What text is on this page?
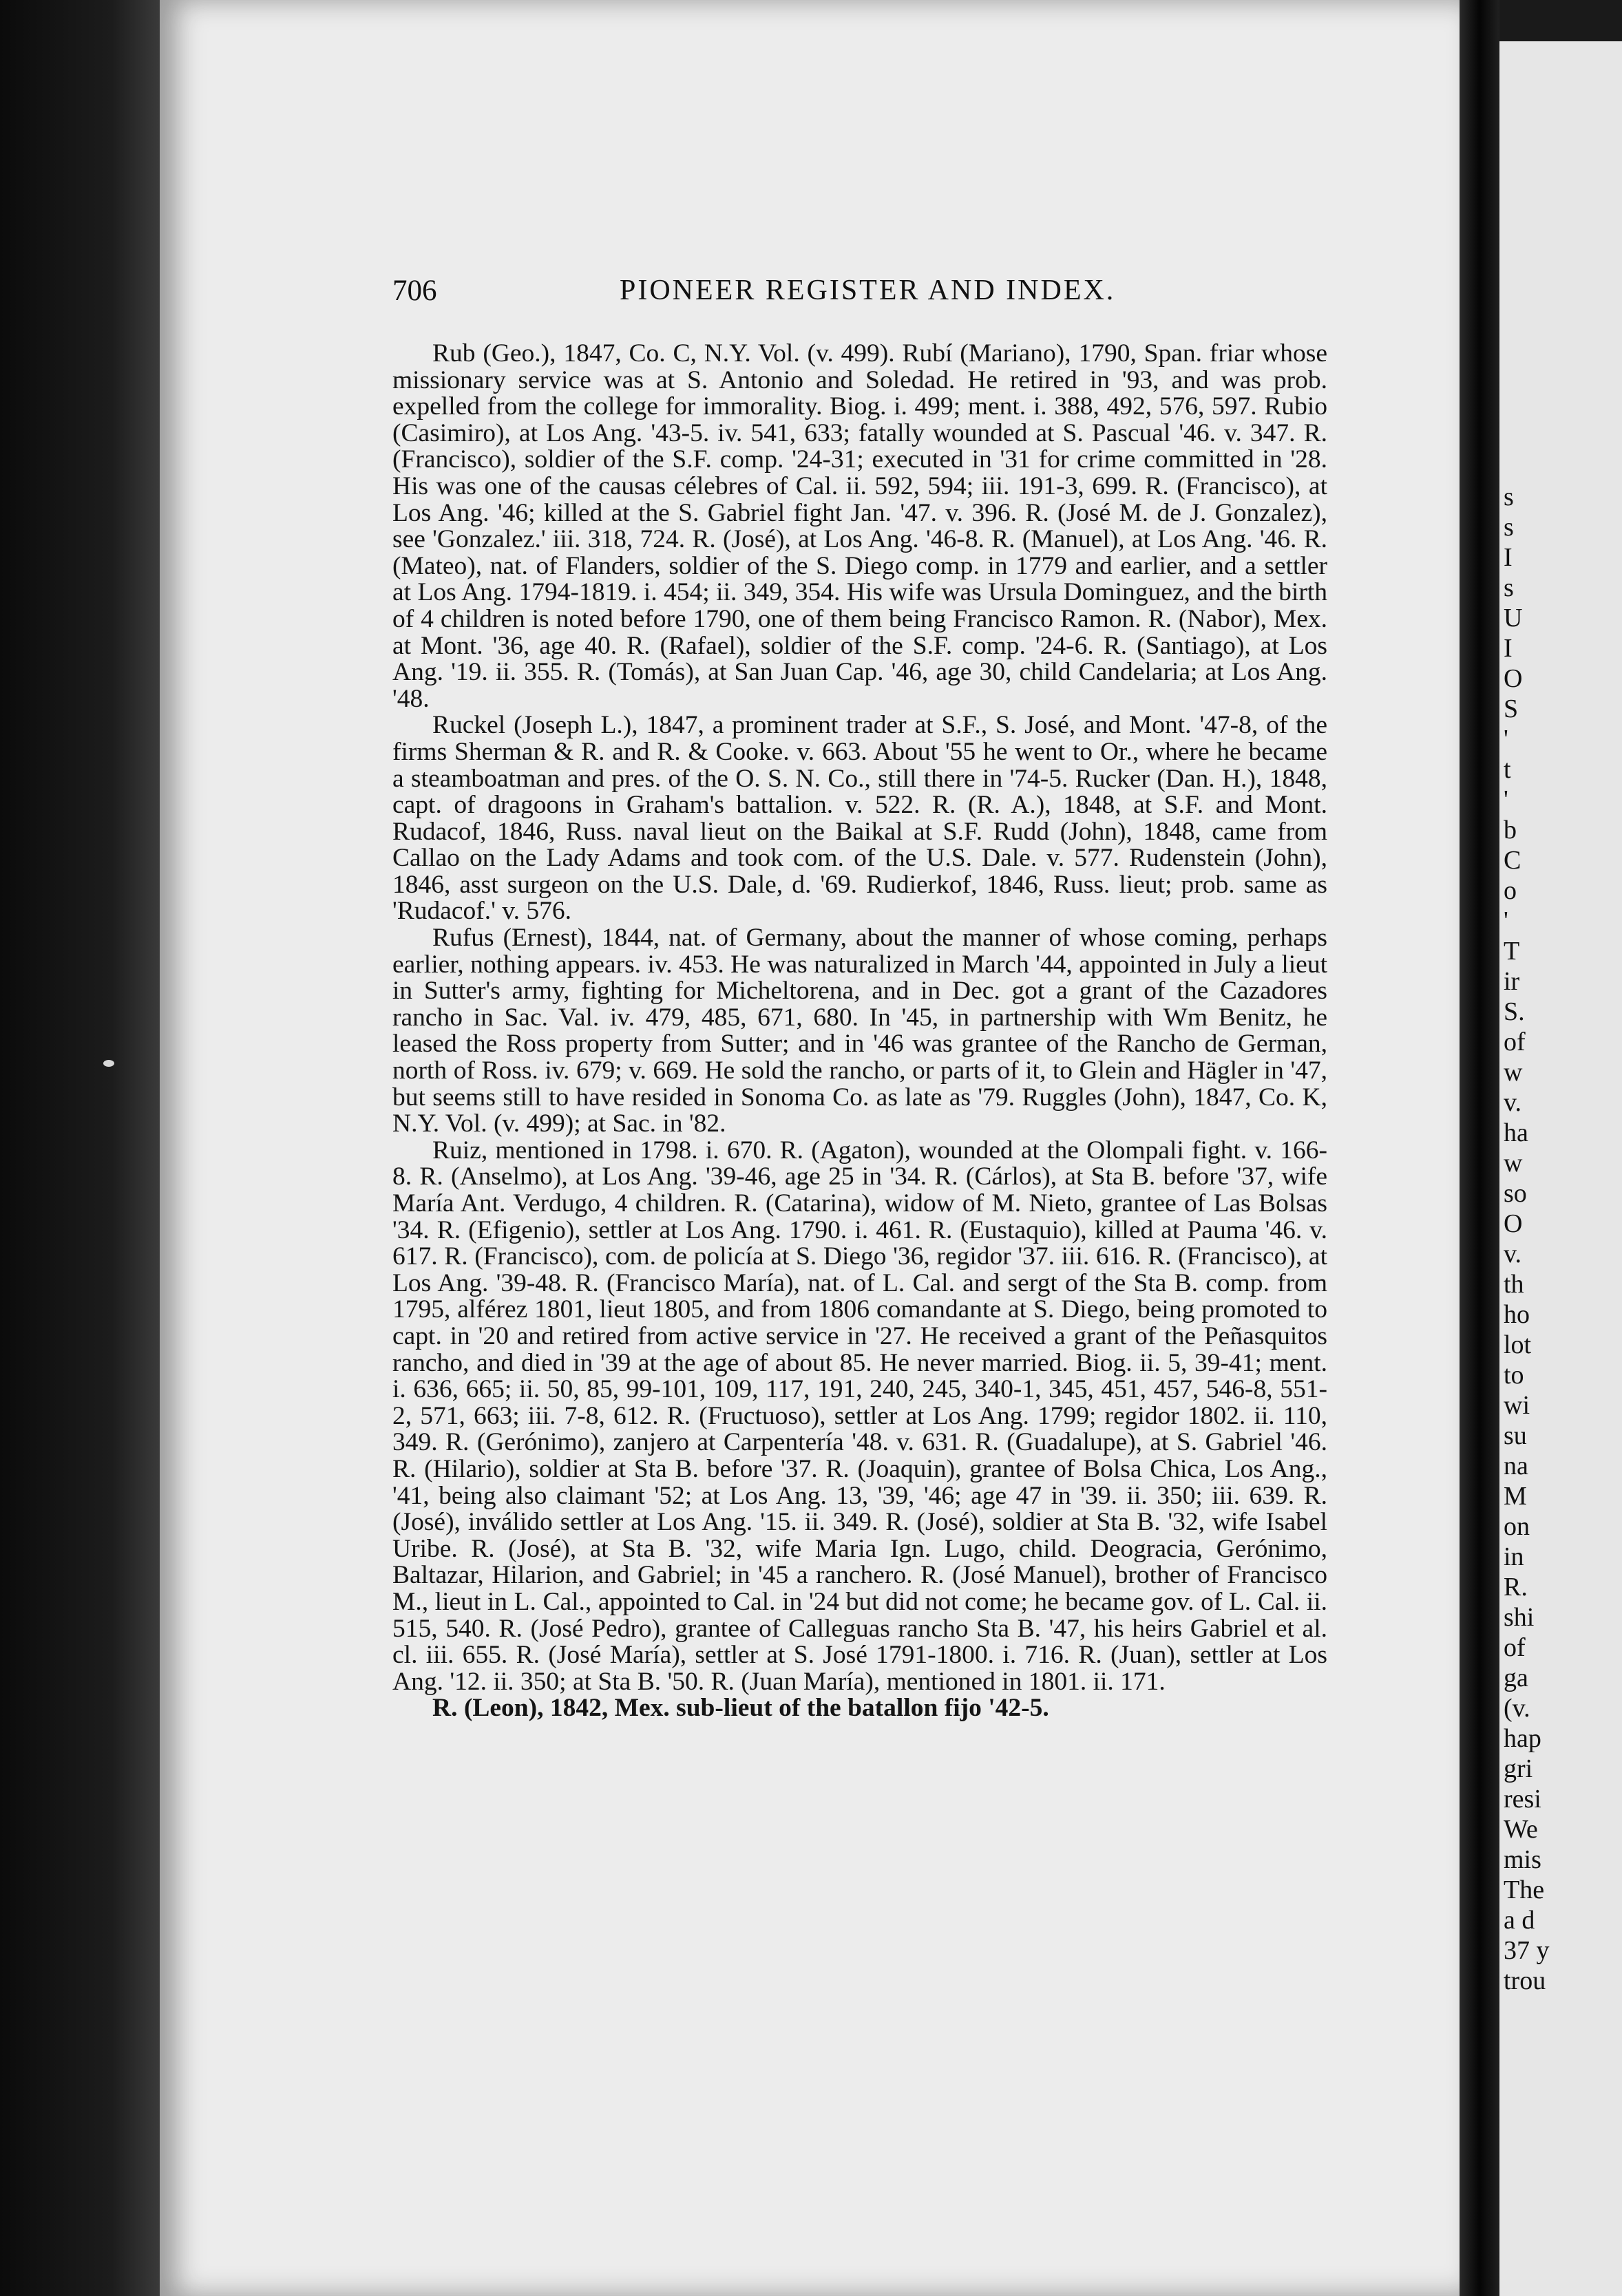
706	PIONEER REGISTER AND INDEX.

Rub (Geo.), 1847, Co. C, N.Y. Vol. (v. 499). Rubí (Mariano), 1790, Span. friar whose missionary service was at S. Antonio and Soledad. He retired in '93, and was prob. expelled from the college for immorality. Biog. i. 499; ment. i. 388, 492, 576, 597. Rubio (Casimiro), at Los Ang. '43-5. iv. 541, 633; fatally wounded at S. Pascual '46. v. 347. R. (Francisco), soldier of the S.F. comp. '24-31; executed in '31 for crime committed in '28. His was one of the causas célebres of Cal. ii. 592, 594; iii. 191-3, 699. R. (Francisco), at Los Ang. '46; killed at the S. Gabriel fight Jan. '47. v. 396. R. (José M. de J. Gonzalez), see 'Gonzalez.' iii. 318, 724. R. (José), at Los Ang. '46-8. R. (Manuel), at Los Ang. '46. R. (Mateo), nat. of Flanders, soldier of the S. Diego comp. in 1779 and earlier, and a settler at Los Ang. 1794-1819. i. 454; ii. 349, 354. His wife was Ursula Dominguez, and the birth of 4 children is noted before 1790, one of them being Francisco Ramon. R. (Nabor), Mex. at Mont. '36, age 40. R. (Rafael), soldier of the S.F. comp. '24-6. R. (Santiago), at Los Ang. '19. ii. 355. R. (Tomás), at San Juan Cap. '46, age 30, child Candelaria; at Los Ang. '48.

Ruckel (Joseph L.), 1847, a prominent trader at S.F., S. José, and Mont. '47-8, of the firms Sherman & R. and R. & Cooke. v. 663. About '55 he went to Or., where he became a steamboatman and pres. of the O. S. N. Co., still there in '74-5. Rucker (Dan. H.), 1848, capt. of dragoons in Graham's battalion. v. 522. R. (R. A.), 1848, at S.F. and Mont. Rudacof, 1846, Russ. naval lieut on the Baikal at S.F. Rudd (John), 1848, came from Callao on the Lady Adams and took com. of the U.S. Dale. v. 577. Rudenstein (John), 1846, asst surgeon on the U.S. Dale, d. '69. Rudierkof, 1846, Russ. lieut; prob. same as 'Rudacof.' v. 576.

Rufus (Ernest), 1844, nat. of Germany, about the manner of whose coming, perhaps earlier, nothing appears. iv. 453. He was naturalized in March '44, appointed in July a lieut in Sutter's army, fighting for Micheltorena, and in Dec. got a grant of the Cazadores rancho in Sac. Val. iv. 479, 485, 671, 680. In '45, in partnership with Wm Benitz, he leased the Ross property from Sutter; and in '46 was grantee of the Rancho de German, north of Ross. iv. 679; v. 669. He sold the rancho, or parts of it, to Glein and Hägler in '47, but seems still to have resided in Sonoma Co. as late as '79. Ruggles (John), 1847, Co. K, N.Y. Vol. (v. 499); at Sac. in '82.

Ruiz, mentioned in 1798. i. 670. R. (Agaton), wounded at the Olompali fight. v. 166-8. R. (Anselmo), at Los Ang. '39-46, age 25 in '34. R. (Cárlos), at Sta B. before '37, wife María Ant. Verdugo, 4 children. R. (Catarina), widow of M. Nieto, grantee of Las Bolsas '34. R. (Efigenio), settler at Los Ang. 1790. i. 461. R. (Eustaquio), killed at Pauma '46. v. 617. R. (Francisco), com. de policía at S. Diego '36, regidor '37. iii. 616. R. (Francisco), at Los Ang. '39-48. R. (Francisco María), nat. of L. Cal. and sergt of the Sta B. comp. from 1795, alférez 1801, lieut 1805, and from 1806 comandante at S. Diego, being promoted to capt. in '20 and retired from active service in '27. He received a grant of the Peñasquitos rancho, and died in '39 at the age of about 85. He never married. Biog. ii. 5, 39-41; ment. i. 636, 665; ii. 50, 85, 99-101, 109, 117, 191, 240, 245, 340-1, 345, 451, 457, 546-8, 551-2, 571, 663; iii. 7-8, 612. R. (Fructuoso), settler at Los Ang. 1799; regidor 1802. ii. 110, 349. R. (Gerónimo), zanjero at Carpentería '48. v. 631. R. (Guadalupe), at S. Gabriel '46. R. (Hilario), soldier at Sta B. before '37. R. (Joaquin), grantee of Bolsa Chica, Los Ang., '41, being also claimant '52; at Los Ang. 13, '39, '46; age 47 in '39. ii. 350; iii. 639. R. (José), inválido settler at Los Ang. '15. ii. 349. R. (José), soldier at Sta B. '32, wife Isabel Uribe. R. (José), at Sta B. '32, wife Maria Ign. Lugo, child. Deogracia, Gerónimo, Baltazar, Hilarion, and Gabriel; in '45 a ranchero. R. (José Manuel), brother of Francisco M., lieut in L. Cal., appointed to Cal. in '24 but did not come; he became gov. of L. Cal. ii. 515, 540. R. (José Pedro), grantee of Calleguas rancho Sta B. '47, his heirs Gabriel et al. cl. iii. 655. R. (José María), settler at S. José 1791-1800. i. 716. R. (Juan), settler at Los Ang. '12. ii. 350; at Sta B. '50. R. (Juan María), mentioned in 1801. ii. 171.

R. (Leon), 1842, Mex. sub-lieut of the batallon fijo '42-5.

s
s
I
s
U
I
O
S
'
t
'
b
C
o
'
T
ir
S.
of
w
v.
ha
w
so
O
v.
th
ho
lot
to
wi
su
na
M
on
in
R.
shi
of
ga
(v.
hap
gri
resi
We
mis
The
a d
37 y
trou
